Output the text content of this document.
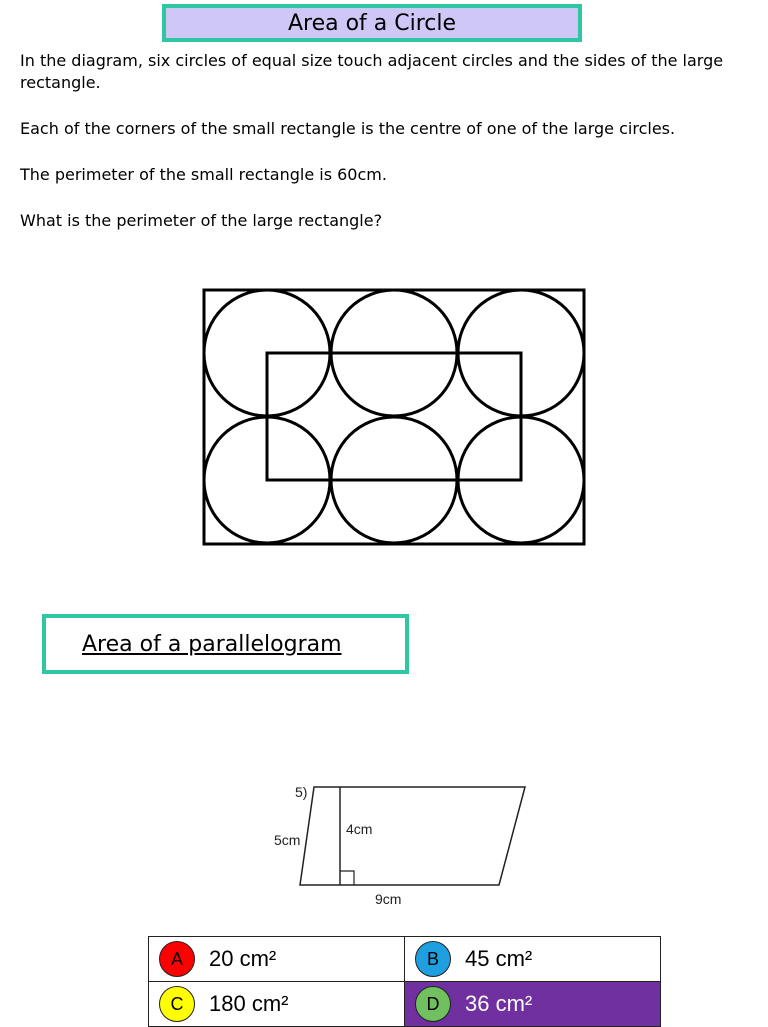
Area of a Circle

In the diagram, six circles of equal size touch adjacent circles and the sides of the large rectangle.

Each of the corners of the small rectangle is the centre of one of the large circles.

The perimeter of the small rectangle is 60cm.

What is the perimeter of the large rectangle?

Area of a parallelogram
5)
5cm
4cm
9cm
A 20 cm²	B 45 cm²

C 180 cm²	D 36 cm²
